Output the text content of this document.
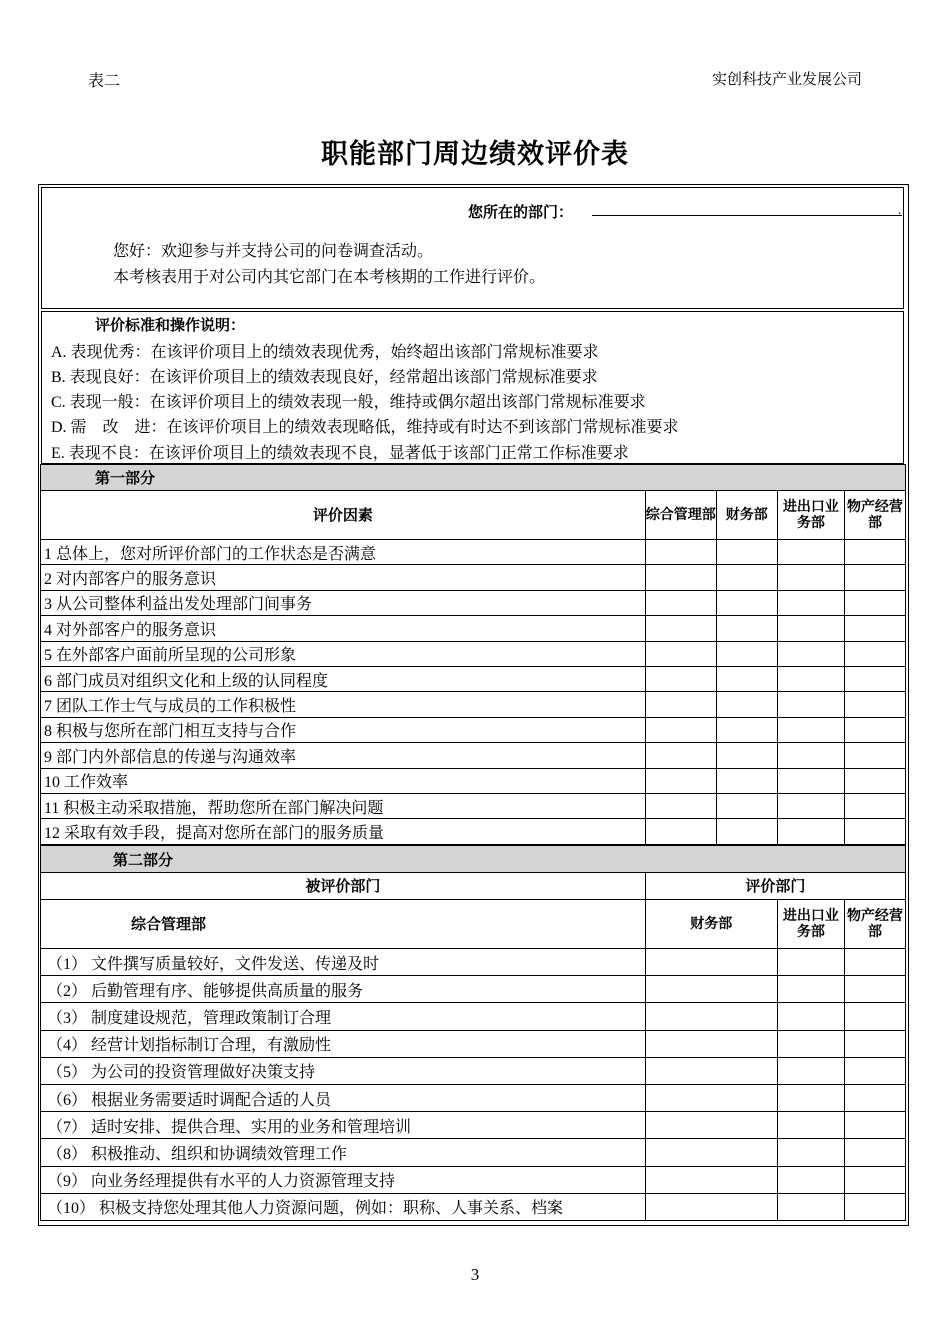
表二	实创科技产业发展公司
职能部门周边绩效评价表
您所在的部门：	.
您好：欢迎参与并支持公司的问卷调查活动。
本考核表用于对公司内其它部门在本考核期的工作进行评价。
评价标准和操作说明：
A. 表现优秀：在该评价项目上的绩效表现优秀，始终超出该部门常规标准要求
B. 表现良好：在该评价项目上的绩效表现良好，经常超出该部门常规标准要求
C. 表现一般：在该评价项目上的绩效表现一般，维持或偶尔超出该部门常规标准要求
D. 需　改　进：在该评价项目上的绩效表现略低，维持或有时达不到该部门常规标准要求
E. 表现不良：在该评价项目上的绩效表现不良，显著低于该部门正常工作标准要求
第一部分				
评价因素	综合管理部	财务部	进出口业务部	物产经营部
1 总体上，您对所评价部门的工作状态是否满意				
2 对内部客户的服务意识				
3 从公司整体利益出发处理部门间事务				
4 对外部客户的服务意识				
5 在外部客户面前所呈现的公司形象				
6 部门成员对组织文化和上级的认同程度				
7 团队工作士气与成员的工作积极性				
8 积极与您所在部门相互支持与合作				
9 部门内外部信息的传递与沟通效率				
10 工作效率				
11 积极主动采取措施，帮助您所在部门解决问题				
12 采取有效手段，提高对您所在部门的服务质量				
第二部分			
被评价部门	评价部门		
综合管理部	财务部	进出口业务部	物产经营部
（1） 文件撰写质量较好，文件发送、传递及时			
（2） 后勤管理有序、能够提供高质量的服务			
（3） 制度建设规范，管理政策制订合理			
（4） 经营计划指标制订合理，有激励性			
（5） 为公司的投资管理做好决策支持			
（6） 根据业务需要适时调配合适的人员			
（7） 适时安排、提供合理、实用的业务和管理培训			
（8） 积极推动、组织和协调绩效管理工作			
（9） 向业务经理提供有水平的人力资源管理支持			
（10） 积极支持您处理其他人力资源问题，例如：职称、人事关系、档案			
3
